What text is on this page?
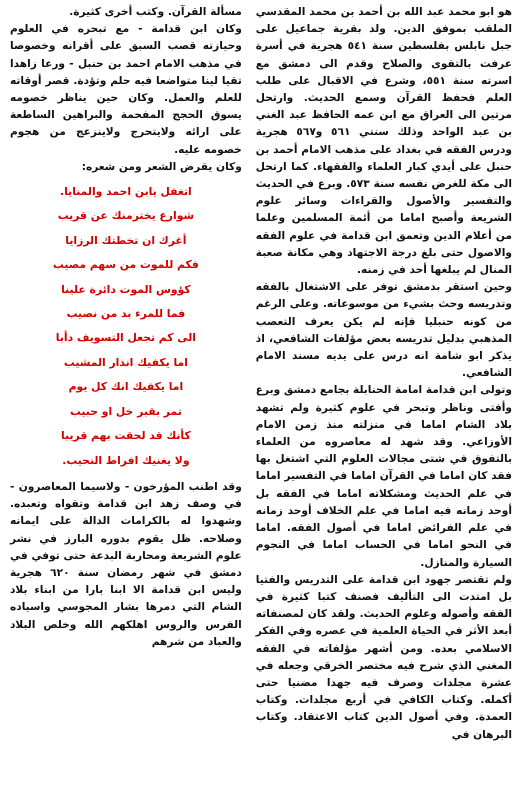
هو ابو محمد عبد الله بن أحمد بن محمد المقدسي الملقب بموفق الدين. ولد بقرية جماعيل على جبل نابلس بفلسطين سنة ٥٤١ هجرية في أسرة عرفت بالتقوى والصلاح وقدم الى دمشق مع اسرته سنة ٥٥١، وشرع في الاقبال على طلب العلم فحفظ القرآن وسمع الحديث. وارتحل مرتين الى العراق مع ابن عمه الحافظ عبد الغني بن عبد الواحد وذلك سنتي ٥٦١ و٥٦٧ هجرية ودرس الفقه في بغداد على مذهب الامام أحمد بن حنبل على أيدي كبار العلماء والفقهاء. كما ارتحل الى مكة للغرض نفسه سنة ٥٧٣. وبرع في الحديث والتفسير والأصول والقراءات وسائر علوم الشريعة وأصبح اماما من أئمة المسلمين وعلما من أعلام الدين وتعمق ابن قدامة في علوم الفقه والاصول حتى بلغ درجة الاجتهاد وهي مكانة صعبة المنال لم يبلغها أحد في زمنه.

وحين استقر بدمشق توفر على الاشتغال بالفقه وتدريسه وحث بشيء من موسوعاته. وعلى الرغم من كونه حنبليا فإنه لم يكن يعرف التعصب المذهبي بدليل تدريسه بعض مؤلفات الشافعي، اذ يذكر ابو شامة انه درس على يديه مسند الامام الشافعي.

وتولى ابن قدامة امامة الحنابلة بجامع دمشق وبرع وأفتى وناظر وتبحر في علوم كثيرة ولم تشهد بلاد الشام اماما في منزلته منذ زمن الامام الأوزاعي. وقد شهد له معاصروه من العلماء بالتفوق في شتى مجالات العلوم التي اشتغل بها فقد كان اماما في القرآن اماما في التفسير اماما في علم الحديث ومشكلاته اماما في الفقه بل أوحد زمانه فيه اماما في علم الخلاف أوحد زمانه في علم الفرائض اماما في أصول الفقه. اماما في النحو اماما في الحساب اماما في النجوم السيارة والمنازل.

ولم تقتصر جهود ابن قدامة على التدريس والفتيا بل امتدت الى التأليف فصنف كتبا كثيرة في الفقه وأصوله وعلوم الحديث. ولقد كان لمصنفاته أبعد الأثر في الحياة العلمية في عصره وفي الفكر الاسلامي بعده. ومن أشهر مؤلفاته في الفقه المغني الذي شرح فيه مختصر الخرقي وجعله في عشرة مجلدات وصرف فيه جهدا مضنيا حتى أكمله. وكتاب الكافي في أربع مجلدات. وكتاب العمدة. وفي أصول الدين كتاب الاعتقاد. وكتاب البرهان في

مسألة القرآن. وكتب أخرى كثيرة.

وكان ابن قدامة - مع تبحره في العلوم وحيازته قصب السبق على أقرانه وخصوصا في مذهب الامام احمد بن حنبل - ورعا زاهدا تقيا لينا متواضعا فيه حلم وتؤدة. قصر أوقاته للعلم والعمل. وكان حين يناظر خصومه يسوق الحجج المفحمة والبراهين الساطعة على ارائه ولايتحرج ولاينزعج من هجوم خصومه عليه.

وكان يقرض الشعر ومن شعره:

اتغفل يابن احمد والمنايا.
شوارع يخترمنك عن قريب
أغرك ان تخطتك الرزايا
فكم للموت من سهم مصيب
كؤوس الموت دائرة علينا
فما للمرء بد من نصيب
الى كم تجعل التسويف دأبا
اما يكفيك انذار المشيب
اما يكفيك انك كل يوم
تمر بقبر خل او حبيب
كأنك قد لحقت بهم قريبا
ولا يغنيك افراط النحيب.

وقد اطنب المؤرخون - ولاسيما المعاصرون - في وصف زهد ابن قدامة وتقواه وتعبده. وشهدوا له بالكرامات الدالة على ايمانه وصلاحه. ظل يقوم بدوره البارز في نشر علوم الشريعة ومحاربة البدعة حتى توفي في دمشق في شهر رمضان سنة ٦٢٠ هجرية وليس ابن قدامة الا ابنا بارا من ابناء بلاد الشام التي دمرها بشار المجوسي واسياده الفرس والروس اهلكهم الله وخلص البلاد والعباد من شرهم
